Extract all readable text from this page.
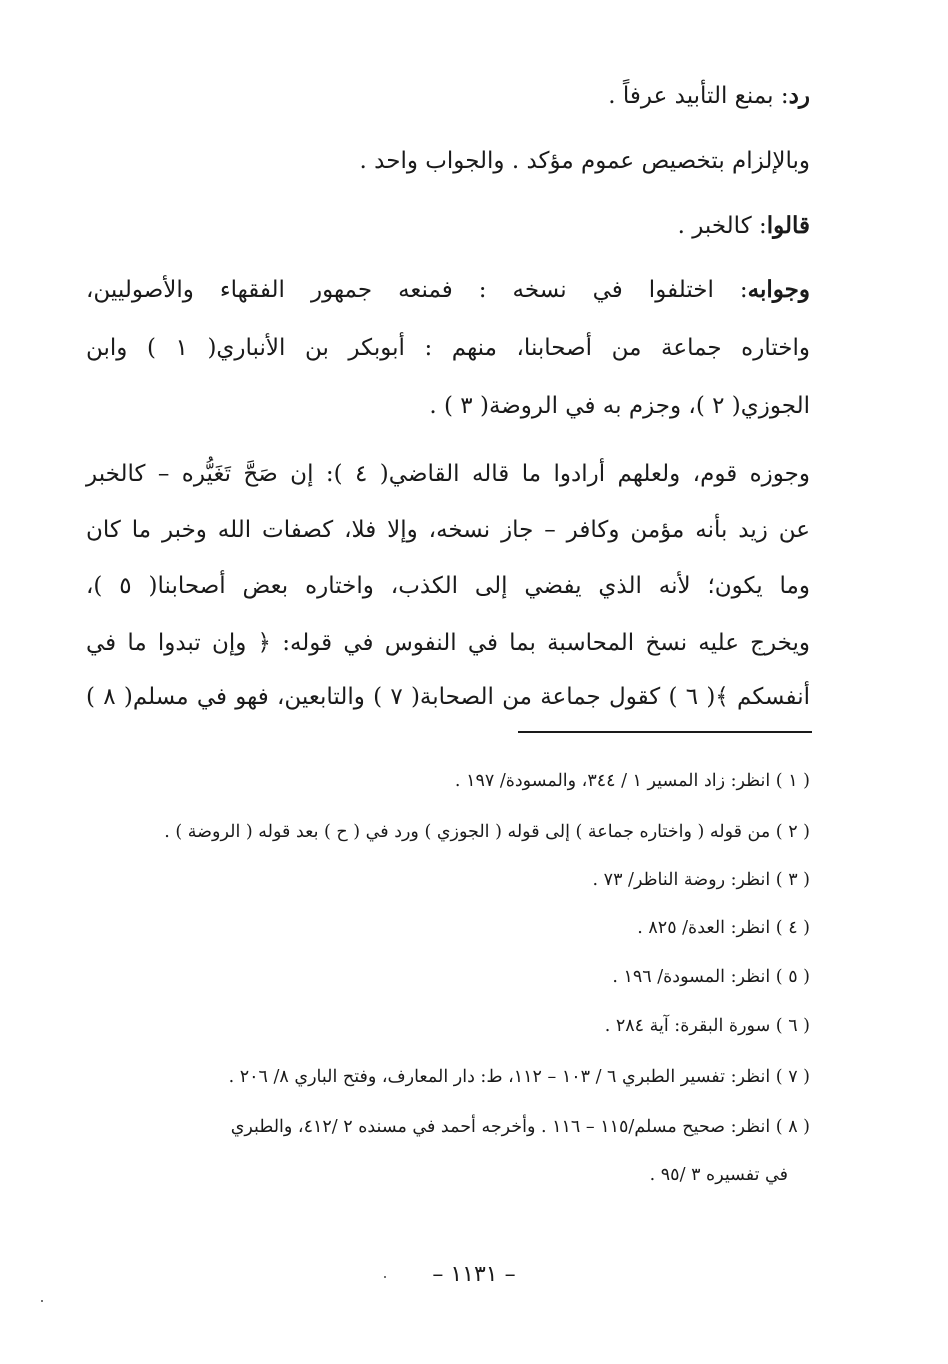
رد: بمنع التأبيد عرفاً .
وبالإلزام بتخصيص عموم مؤكد . والجواب واحد .
قالوا: كالخبر .
وجوابه: اختلفوا في نسخه : فمنعه جمهور الفقهاء والأصوليين،
واختاره جماعة من أصحابنا، منهم : أبوبكر بن الأنباري( ١ ) وابن
الجوزي( ٢ )، وجزم به في الروضة( ٣ ) .
وجوزه قوم، ولعلهم أرادوا ما قاله القاضي( ٤ ): إن صَحَّ تَغَيُّره – كالخبر
عن زيد بأنه مؤمن وكافر – جاز نسخه، وإلا فلا، كصفات الله وخبر ما كان
وما يكون؛ لأنه الذي يفضي إلى الكذب، واختاره بعض أصحابنا( ٥ )،
ويخرج عليه نسخ المحاسبة بما في النفوس في قوله: ﴿ وإن تبدوا ما في
أنفسكم ﴾( ٦ ) كقول جماعة من الصحابة( ٧ ) والتابعين، فهو في مسلم( ٨ )
( ١ ) انظر: زاد المسير ١ / ٣٤٤، والمسودة/ ١٩٧ .
( ٢ ) من قوله ( واختاره جماعة ) إلى قوله ( الجوزي ) ورد في ( ح ) بعد قوله ( الروضة ) .
( ٣ ) انظر: روضة الناظر/ ٧٣ .
( ٤ ) انظر: العدة/ ٨٢٥ .
( ٥ ) انظر: المسودة/ ١٩٦ .
( ٦ ) سورة البقرة: آية ٢٨٤ .
( ٧ ) انظر: تفسير الطبري ٦ / ١٠٣ – ١١٢، ط: دار المعارف، وفتح الباري ٨/ ٢٠٦ .
( ٨ ) انظر: صحيح مسلم/١١٥ – ١١٦ . وأخرجه أحمد في مسنده ٢ /٤١٢، والطبري
في تفسيره ٣ /٩٥ .
– ١١٣١ –
